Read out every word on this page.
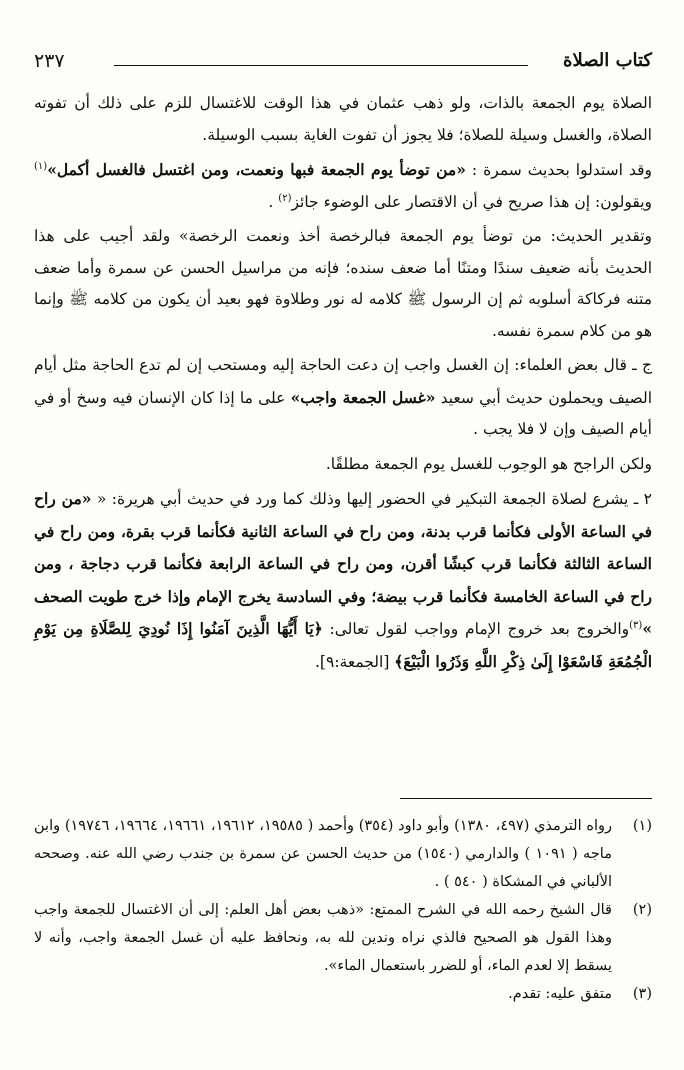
٢٣٧	كتاب الصلاة

الصلاة يوم الجمعة بالذات، ولو ذهب عثمان في هذا الوقت للاغتسال للزم على ذلك أن تفوته الصلاة، والغسل وسيلة للصلاة؛ فلا يجوز أن تفوت الغاية بسبب الوسيلة.

وقد استدلوا بحديث سمرة : «من توضأ يوم الجمعة فبها ونعمت، ومن اغتسل فالغسل أكمل»$^{(١)}$ ويقولون: إن هذا صريح في أن الاقتصار على الوضوء جائز$^{(٢)}$ .

وتقدير الحديث: من توضأ يوم الجمعة فبالرخصة أخذ ونعمت الرخصة» ولقد أجيب على هذا الحديث بأنه ضعيف سندًا ومتنًا أما ضعف سنده؛ فإنه من مراسيل الحسن عن سمرة وأما ضعف متنه فركاكة أسلوبه ثم إن الرسول ﷺ كلامه له نور وطلاوة فهو بعيد أن يكون من كلامه ﷺ وإنما هو من كلام سمرة نفسه.

ج ـ قال بعض العلماء: إن الغسل واجب إن دعت الحاجة إليه ومستحب إن لم تدع الحاجة مثل أيام الصيف ويحملون حديث أبي سعيد «غسل الجمعة واجب» على ما إذا كان الإنسان فيه وسخ أو في أيام الصيف وإن لا فلا يجب .

ولكن الراجح هو الوجوب للغسل يوم الجمعة مطلقًا.

٢ ـ يشرع لصلاة الجمعة التبكير في الحضور إليها وذلك كما ورد في حديث أبي هريرة: « «من راح في الساعة الأولى فكأنما قرب بدنة، ومن راح في الساعة الثانية فكأنما قرب بقرة، ومن راح في الساعة الثالثة فكأنما قرب كبشًا أقرن، ومن راح في الساعة الرابعة فكأنما قرب دجاجة ، ومن راح في الساعة الخامسة فكأنما قرب بيضة؛ وفي السادسة يخرج الإمام وإذا خرج طويت الصحف »$^{(٣)}$والخروج بعد خروج الإمام وواجب لقول تعالى: ﴿يَا أَيُّهَا الَّذِينَ آمَنُوا إِذَا نُودِيَ لِلصَّلَاةِ مِن يَوْمِ الْجُمُعَةِ فَاسْعَوْا إِلَىٰ ذِكْرِ اللَّهِ وَذَرُوا الْبَيْعَ﴾ [الجمعة:٩].

(١)
رواه الترمذي (٤٩٧، ١٣٨٠) وأبو داود (٣٥٤) وأحمد ( ١٩٥٨٥، ١٩٦١٢، ١٩٦٦١، ١٩٦٦٤، ١٩٧٤٦) وابن ماجه ( ١٠٩١ ) والدارمي (١٥٤٠) من حديث الحسن عن سمرة بن جندب رضي الله عنه. وصححه الألباني في المشكاة ( ٥٤٠ ) .
(٢)
قال الشيخ رحمه الله في الشرح الممتع: «ذهب بعض أهل العلم: إلى أن الاغتسال للجمعة واجب وهذا القول هو الصحيح فالذي نراه وندين لله به، ونحافظ عليه أن غسل الجمعة واجب، وأنه لا يسقط إلا لعدم الماء، أو للضرر باستعمال الماء».
(٣)
متفق عليه: تقدم.
